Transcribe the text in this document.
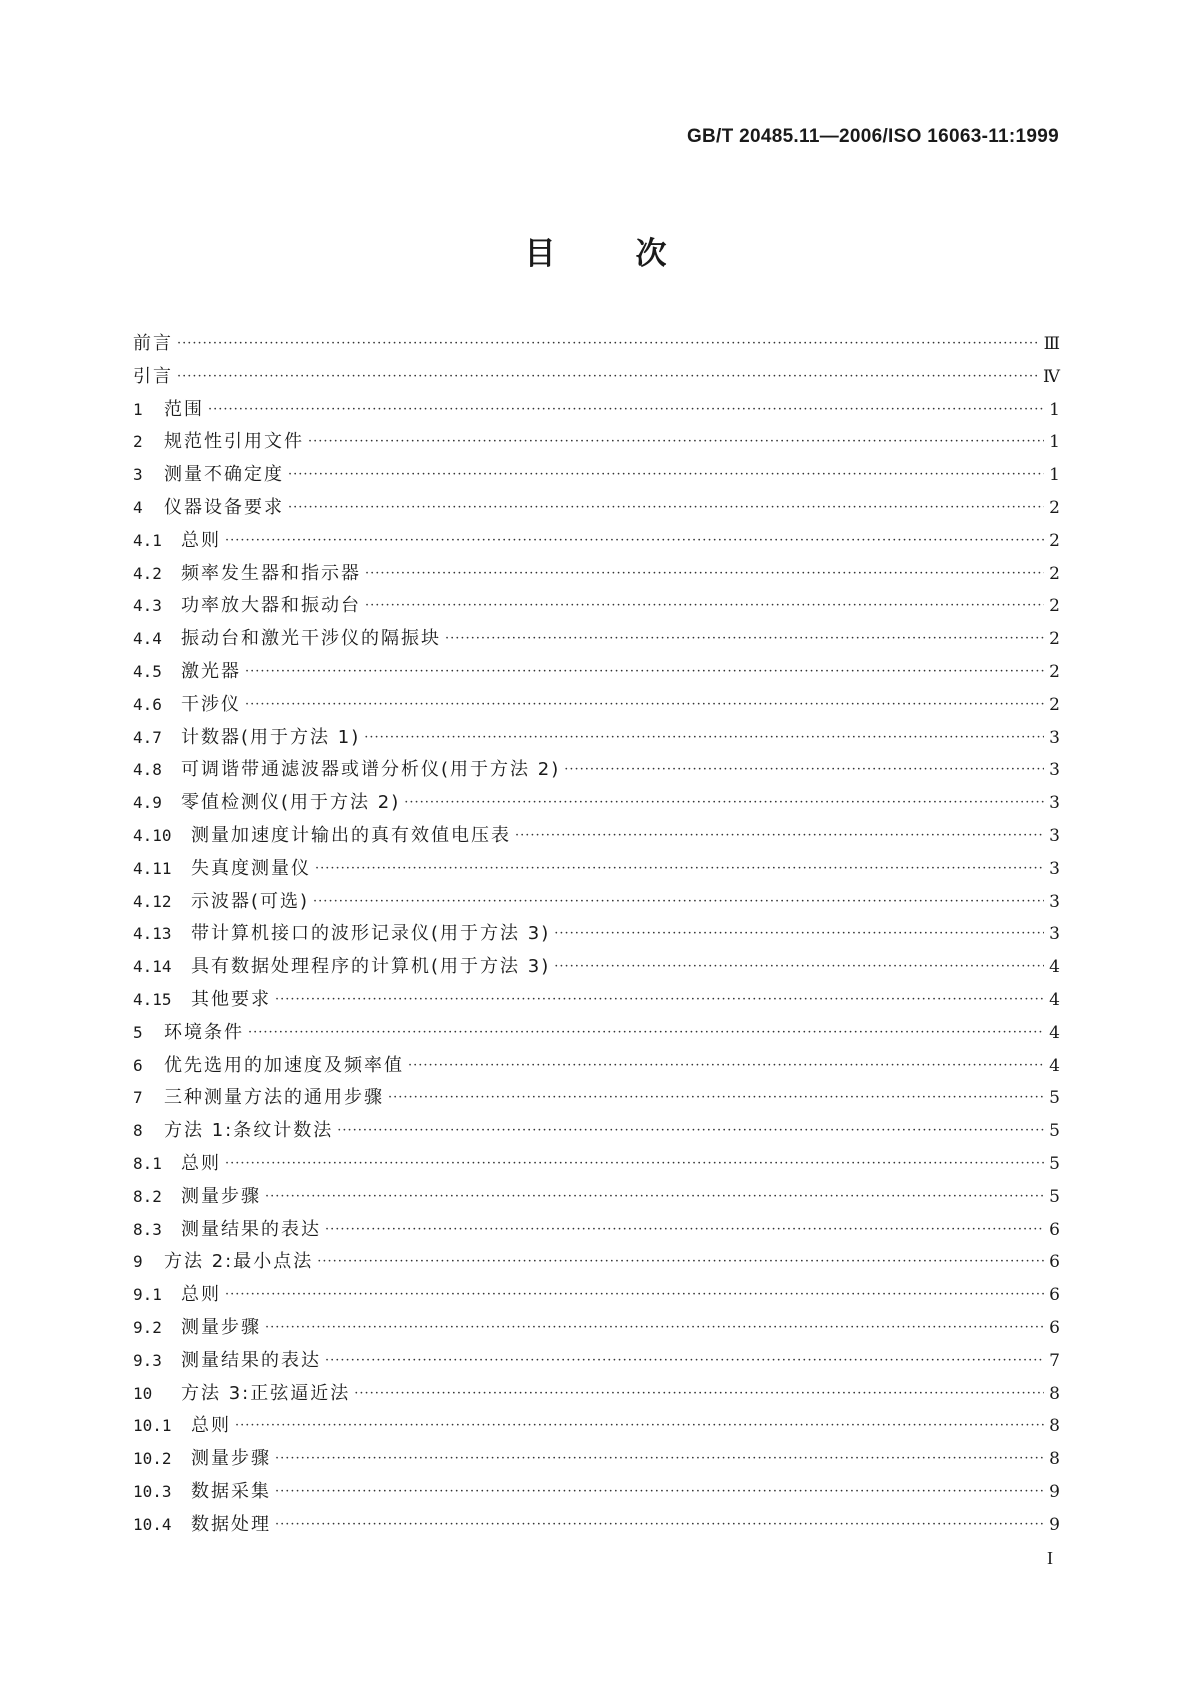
GB/T 20485.11—2006/ISO 16063-11:1999
目次
前言 ·····	Ⅲ
引言 ·····	Ⅳ
1	范围 ·····	1
2	规范性引用文件 ·····	1
3	测量不确定度 ·····	1
4	仪器设备要求 ·····	2
4.1	总则 ·····	2
4.2	频率发生器和指示器 ·····	2
4.3	功率放大器和振动台 ·····	2
4.4	振动台和激光干涉仪的隔振块 ·····	2
4.5	激光器 ·····	2
4.6	干涉仪 ·····	2
4.7	计数器(用于方法 1) ·····	3
4.8	可调谐带通滤波器或谱分析仪(用于方法 2) ·····	3
4.9	零值检测仪(用于方法 2) ·····	3
4.10	测量加速度计输出的真有效值电压表 ·····	3
4.11	失真度测量仪 ·····	3
4.12	示波器(可选) ·····	3
4.13	带计算机接口的波形记录仪(用于方法 3) ·····	3
4.14	具有数据处理程序的计算机(用于方法 3) ·····	4
4.15	其他要求 ·····	4
5	环境条件 ·····	4
6	优先选用的加速度及频率值 ·····	4
7	三种测量方法的通用步骤 ·····	5
8	方法 1:条纹计数法 ·····	5
8.1	总则 ·····	5
8.2	测量步骤 ·····	5
8.3	测量结果的表达 ·····	6
9	方法 2:最小点法 ·····	6
9.1	总则 ·····	6
9.2	测量步骤 ·····	6
9.3	测量结果的表达 ·····	7
10	方法 3:正弦逼近法 ·····	8
10.1	总则 ·····	8
10.2	测量步骤 ·····	8
10.3	数据采集 ·····	9
10.4	数据处理 ·····	9
I
